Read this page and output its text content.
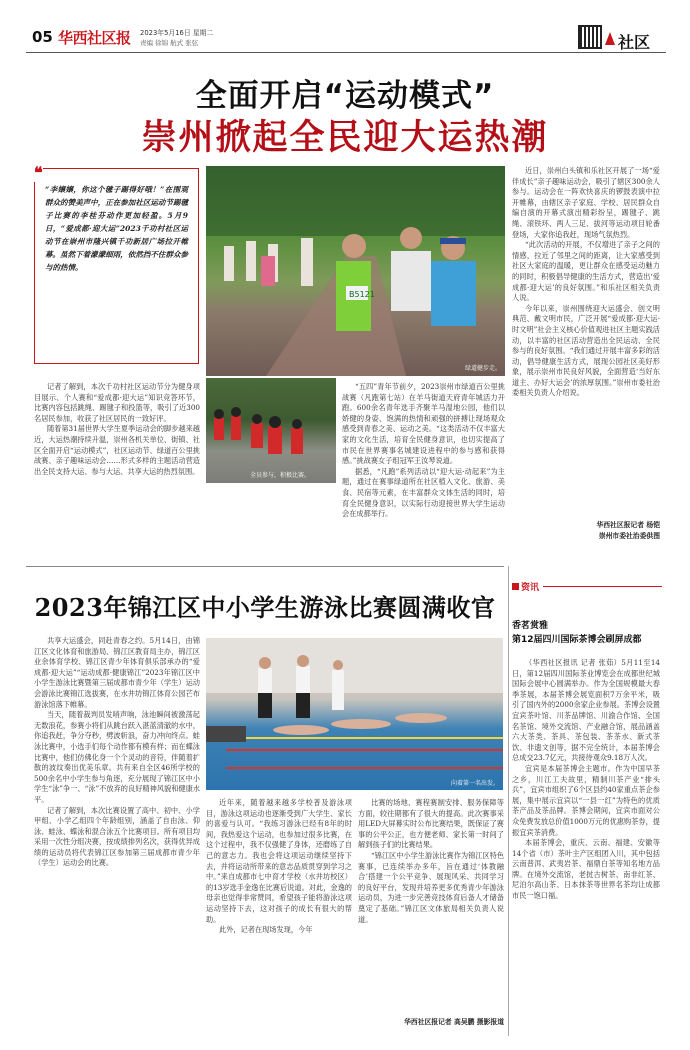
05 华西社区报 2023年5月16日 星期二
责编 徐锦 航式 张弦	社区
全面开启“运动模式”
崇州掀起全民迎大运热潮
❝
“李嬢嬢，你这个毽子踢得好哦！”在围观群众的赞美声中，正在参加社区运动节踢毽子比赛的李桂芬动作更加轻盈。5月9日，“爱成都·迎大运”2023千功村社区运动节在崇州市隆兴镇千功新居广场拉开帷幕。虽然下着濛濛细雨，依然挡不住群众参与的热情。
B5121
绿道健步走。
全员参与，积极比赛。

记者了解到，本次千功村社区运动节分为健身项目展示、个人赛和“爱成都·迎大运”知识竞答环节，比赛内容包括跳绳、踢毽子和投篮等，吸引了近300名居民参加，收获了社区居民的一致好评。

随着第31届世界大学生夏季运动会的脚步越来越近，大运热潮持续升温，崇州各机关单位、街镇、社区全面开启“运动模式”，社区运动节、绿道百公里挑战赛、亲子趣味运动会……形式多样的主题活动营造出全民支持大运、参与大运、共享大运的热烈氛围。

“五四”青年节前夕，2023崇州市绿道百公里挑战赛（凡跑第七站）在羊马街道天府青年城活力开跑。600余名青年选手齐聚羊马湿地公园，他们以娇健的身姿、饱满的热情和顽强的拼搏让现场观众感受到青春之美、运动之美。“这类活动不仅丰富大家的文化生活，培育全民健身意识，也切实提高了市民在世界赛事名城建设进程中的参与感和获得感。”挑战赛女子组冠军王汝琴说道。

据悉，“凡跑”系列活动以“迎大运·动起来”为主题，通过在赛事绿道所在社区植入文化、旅游、美食、民宿等元素，在丰富群众文体生活的同时，培育全民健身意识，以实际行动迎接世界大学生运动会在成都举行。

近日，崇州白头镇和乐社区开展了一场“爱伴成长”亲子趣味运动会，吸引了辖区300余人参与。运动会在一阵欢快喜庆的锣鼓表演中拉开帷幕，由辖区亲子家庭、学校、居民群众自编自演的开幕式演出精彩纷呈，踢毽子、跳绳、滚铁环、两人三足、拔河等运动项目轮番登场，大家你追我赶，现场气氛热烈。

“此次活动的开展，不仅增进了亲子之间的情感，拉近了邻里之间的距离，让大家感受到社区大家庭的温暖，更让群众在感受运动魅力的同时，积极倡导健康的生活方式，营造出‘爱成都·迎大运’的良好氛围。”和乐社区相关负责人说。

今年以来，崇州围绕迎大运盛会、创文明典范、戴文明市民，广泛开展“爱成都·迎大运·时文明”社会主义核心价值观进社区主题实践活动，以丰富的社区活动营造出全民运动、全民参与的良好氛围。“我们通过开展丰富多彩的活动，倡导健康生活方式，展现公园社区美好形象，展示崇州市民良好风貌，全面营造‘当好东道主、办好大运会’的浓厚氛围。”崇州市委社治委相关负责人介绍说。

华西社区报记者 杨铠
崇州市委社治委供图
2023年锦江区中小学生游泳比赛圆满收官
向着第一名出发。

共享大运盛会，同赴青春之约。5月14日，由锦江区文化体育和旅游局、锦江区教育局主办，锦江区业余体育学校、锦江区青少年体育俱乐部承办的“爱成都·迎大运”“运动成都·健康锦江”2023年锦江区中小学生游泳比赛暨第三届成都市青少年（学生）运动会游泳比赛锦江选拔赛，在水井坊锦江体育公园芒布游泳馆落下帷幕。

当天，随着裁判员发哨声响，泳池瞬间被激荡起无数浪花，参赛小将们从跳台跃入湛蓝清澈的水中，你追我赶，争分夺秒，劈波斩浪，奋力冲向终点。蛙泳比赛中，小选手们每个动作都有模有样；而在蝶泳比赛中，他们仿佛化身一个个灵动的音符，伴随着扩散的波纹奏出优美乐章。共有来自全区46所学校的500余名中小学生参与角逐，充分展现了锦江区中小学生“泳”争一、“泳”不放弃的良好精神风貌和健康水平。

记者了解到，本次比赛设置了高中、初中、小学甲组、小学乙组四个年龄组别，涵盖了自由泳、仰泳、蛙泳、蝶泳和混合泳五个比赛项目。所有项目均采用一次性分组决赛，按成绩排列名次，获得优异成绩的运动员将代表锦江区参加第三届成都市青少年（学生）运动会的比赛。

近年来，随着越来越多学校普及游泳项目，游泳这项运动也逐渐受到广大学生、家长的喜爱与认可。“我练习游泳已经有8年的时间，我热爱这个运动，也参加过很多比赛，在这个过程中，我不仅强健了身体，还磨练了自己的意志力。我也会将这项运动继续坚持下去，并将运动所带来的意志品质贯穿到学习之中。”来自成都市七中育才学校（水井坊校区）的13岁选手金逸在比赛后说道。对此，金逸的母亲也觉得非常赞同，希望孩子能将游泳这项运动坚持下去，这对孩子的成长有很大的帮助。

此外，记者在现场发现，今年

比赛的场地、赛程赛制安排、服务保障等方面，较往期都有了很大的提高。此次赛事采用LED大屏幕实时公布比赛结果，既保证了赛事的公平公正，也方便老师、家长第一时间了解到孩子们的比赛结果。

“锦江区中小学生游泳比赛作为锦江区特色赛事，已连续举办多年，旨在通过‘体教融合’搭建一个公平竞争、展现风采、共同学习的良好平台，发现并培养更多优秀青少年游泳运动员，为进一步完善竞技体育后备人才储备奠定了基础。”锦江区文体旅局相关负责人说道。

华西社区报记者 高吴鹏 摄影报道
资讯
香茗赏雅
第12届四川国际茶博会刷屏成都

（华西社区报讯 记者 张茹）5月11至14日，第12届四川国际茶业博览会在成都世纪城国际会展中心圆满举办。作为全国规模最大春季茶展，本届茶博会展览面积7万余平米，吸引了国内外的2000余家企业参展。茶博会设置宜宾茶叶馆、川茶品牌馆、川渝合作馆、全国名茶馆、境外交流馆、产业融合馆，展品涵盖六大茶类、茶具、茶包装、茶茶水、新式茶饮、非遗文创等，据不完全统计，本届茶博会总成交23.7亿元，共接待观众9.18万人次。

宜宾是本届茶博会主题市。作为中国早茶之乡，川江工夫故里，精制川茶产业“排头兵”，宜宾市组织了6个区县约40家重点茶企参展，集中展示宜宾以“一县一红”为特色的优质茶产品及茶品牌。茶博会期间，宜宾市面对公众免费发放总价值1000万元的优惠购茶券，提振宜宾茶消费。

本届茶博会，重庆、云南、福建、安徽等14个省（市）茶叶主产区组团入川，其中包括云南普洱、武夷岩茶、福鼎白茶等知名地方品牌。在境外交流馆，老挝古树茶、南非红茶、尼泊尔高山茶、日本抹茶等世界名茶均让成都市民一饱口福。
